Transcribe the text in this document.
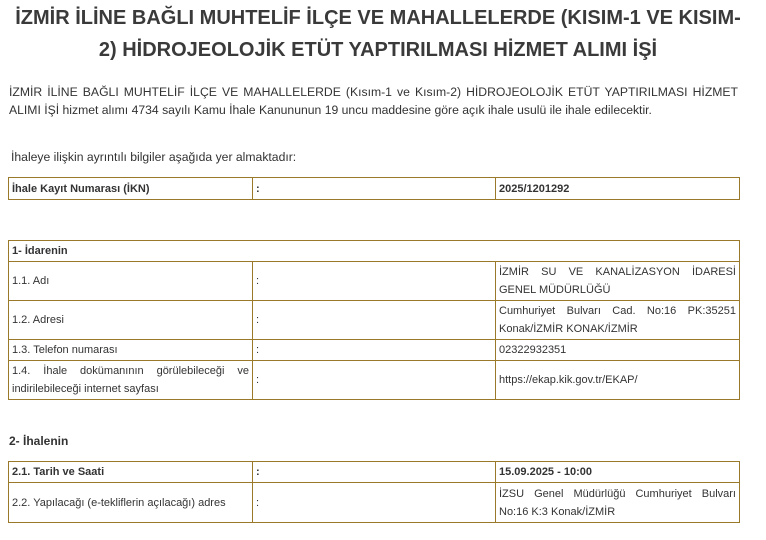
İZMİR İLİNE BAĞLI MUHTELİF İLÇE VE MAHALLELERDE (KISIM-1 VE KISIM-2) HİDROJEOLOJİK ETÜT YAPTIRILMASI HİZMET ALIMI İŞİ

İZMİR İLİNE BAĞLI MUHTELİF İLÇE VE MAHALLELERDE (Kısım-1 ve Kısım-2) HİDROJEOLOJİK ETÜT YAPTIRILMASI HİZMET ALIMI İŞİ hizmet alımı 4734 sayılı Kamu İhale Kanununun 19 uncu maddesine göre açık ihale usulü ile ihale edilecektir.

İhaleye ilişkin ayrıntılı bilgiler aşağıda yer almaktadır:

İhale Kayıt Numarası (İKN)	:	2025/1201292
1- İdarenin		
1.1. Adı	:	İZMİR SU VE KANALİZASYON İDARESİ GENEL MÜDÜRLÜĞÜ
1.2. Adresi	:	Cumhuriyet Bulvarı Cad. No:16 PK:35251 Konak/İZMİR KONAK/İZMİR
1.3. Telefon numarası	:	02322932351
1.4. İhale dokümanının görülebileceği ve indirilebileceği internet sayfası	:	https://ekap.kik.gov.tr/EKAP/
2- İhalenin
2.1. Tarih ve Saati	:	15.09.2025 - 10:00
2.2. Yapılacağı (e-tekliflerin açılacağı) adres	:	İZSU Genel Müdürlüğü Cumhuriyet Bulvarı No:16 K:3 Konak/İZMİR
